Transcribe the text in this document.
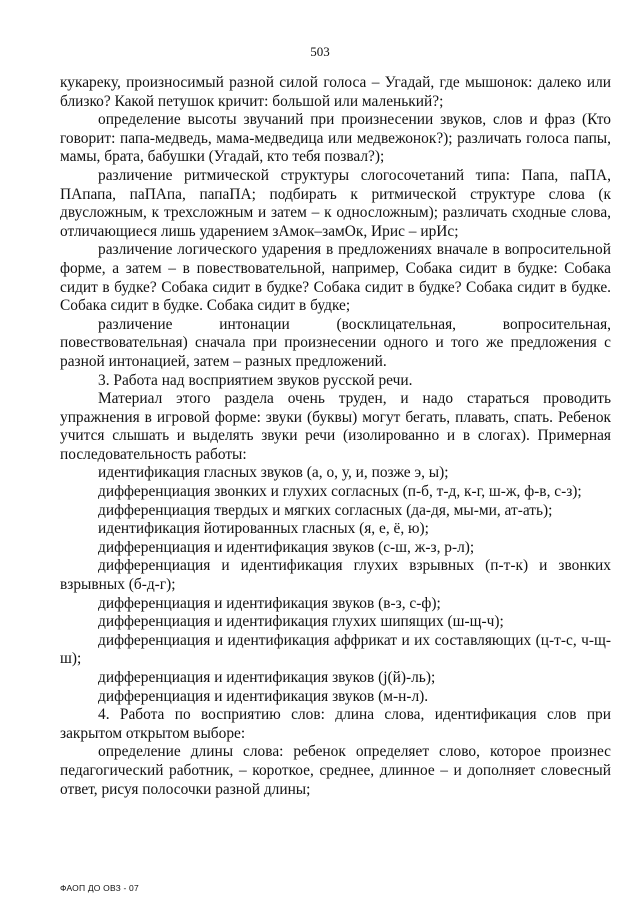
503

кукареку, произносимый разной силой голоса – Угадай, где мышонок: далеко или близко? Какой петушок кричит: большой или маленький?;

определение высоты звучаний при произнесении звуков, слов и фраз (Кто говорит: папа-медведь, мама-медведица или медвежонок?); различать голоса папы, мамы, брата, бабушки (Угадай, кто тебя позвал?);

различение ритмической структуры слогосочетаний типа: Папа, паПА, ПАпапа, паПАпа, папаПА; подбирать к ритмической структуре слова (к двусложным, к трехсложным и затем – к односложным); различать сходные слова, отличающиеся лишь ударением зАмок–замОк, Ирис – ирИс;

различение логического ударения в предложениях вначале в вопросительной форме, а затем – в повествовательной, например, Собака сидит в будке: Собака сидит в будке? Собака сидит в будке? Собака сидит в будке? Собака сидит в будке. Собака сидит в будке. Собака сидит в будке;

различение интонации (восклицательная, вопросительная, повествовательная) сначала при произнесении одного и того же предложения с разной интонацией, затем – разных предложений.

3. Работа над восприятием звуков русской речи.

Материал этого раздела очень труден, и надо стараться проводить упражнения в игровой форме: звуки (буквы) могут бегать, плавать, спать. Ребенок учится слышать и выделять звуки речи (изолированно и в слогах). Примерная последовательность работы:

идентификация гласных звуков (а, о, у, и, позже э, ы);

дифференциация звонких и глухих согласных (п-б, т-д, к-г, ш-ж, ф-в, с-з);

дифференциация твердых и мягких согласных (да-дя, мы-ми, ат-ать);

идентификация йотированных гласных (я, е, ё, ю);

дифференциация и идентификация звуков (с-ш, ж-з, р-л);

дифференциация и идентификация глухих взрывных (п-т-к) и звонких взрывных (б-д-г);

дифференциация и идентификация звуков (в-з, с-ф);

дифференциация и идентификация глухих шипящих (ш-щ-ч);

дифференциация и идентификация аффрикат и их составляющих (ц-т-с, ч-щ-ш);

дифференциация и идентификация звуков (j(й)-ль);

дифференциация и идентификация звуков (м-н-л).

4. Работа по восприятию слов: длина слова, идентификация слов при закрытом открытом выборе:

определение длины слова: ребенок определяет слово, которое произнес педагогический работник, – короткое, среднее, длинное – и дополняет словесный ответ, рисуя полосочки разной длины;

ФАОП ДО ОВЗ - 07
